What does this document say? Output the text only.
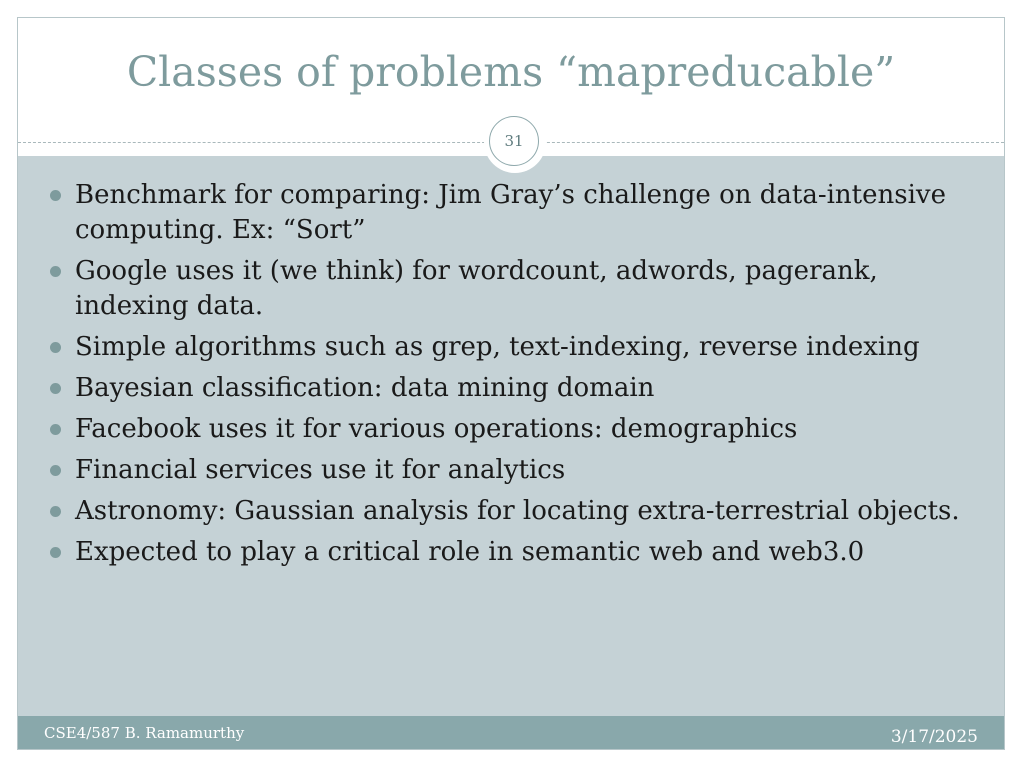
Classes of problems “mapreducable”
31
Benchmark for comparing: Jim Gray’s challenge on data-intensive computing. Ex: “Sort”
Google uses it (we think) for wordcount, adwords, pagerank, indexing data.
Simple algorithms such as grep, text-indexing, reverse indexing
Bayesian classification: data mining domain
Facebook uses it for various operations: demographics
Financial services use it for analytics
Astronomy: Gaussian analysis for locating extra-terrestrial objects.
Expected to play a critical role in semantic web and web3.0
CSE4/587 B. Ramamurthy	3/17/2025
